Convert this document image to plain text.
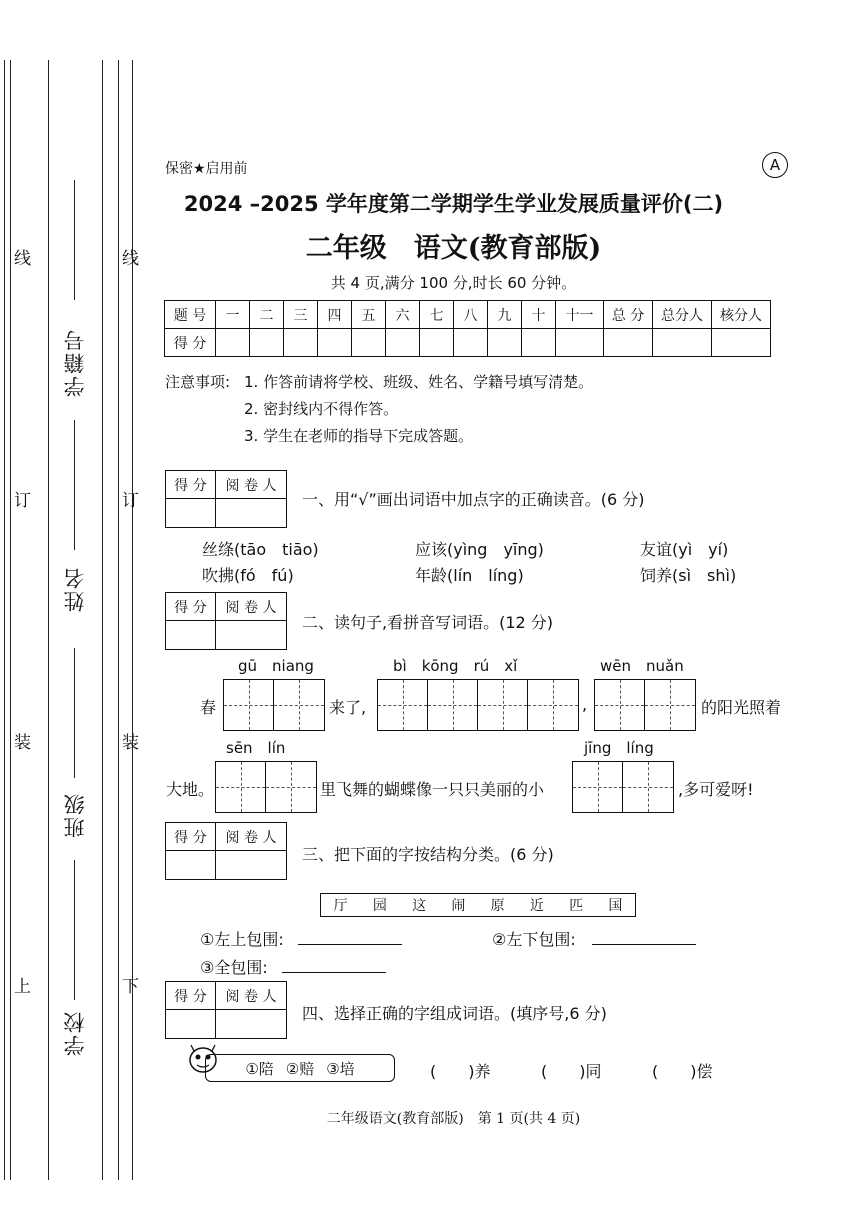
线	线
订	订
装	装
上	下
学籍号
姓名
班级
学校
保密★启用前	A
2024 –2025 学年度第二学期学生学业发展质量评价(二)
二年级　语文(教育部版)
共 4 页,满分 100 分,时长 60 分钟。
题 号	一	二	三	四	五	六	七	八	九	十	十一	总 分	总分人	核分人
得 分														
注意事项: 1. 作答前请将学校、班级、姓名、学籍号填写清楚。
2. 密封线内不得作答。
3. 学生在老师的指导下完成答题。
得 分	阅 卷 人
一、用“√”画出词语中加点字的正确读音。(6 分)
丝绦(tāo　tiāo)	应该(yìng　yīng)	友谊(yì　yí)
吹拂(fó　fú)	年龄(lín　líng)	饲养(sì　shì)
得 分	阅 卷 人
二、读句子,看拼音写词语。(12 分)
gū　niang	bì　kōng　rú　xǐ	wēn　nuǎn
春	来了,	,	的阳光照着
sēn　lín	jīng　líng
大地。	里飞舞的蝴蝶像一只只美丽的小	,多可爱呀!
得 分	阅 卷 人
三、把下面的字按结构分类。(6 分)
厅 园 这 闹 原 近 匹 国
①左上包围:	②左下包围:
③全包围:
得 分	阅 卷 人
四、选择正确的字组成词语。(填序号,6 分)
①陪 ②赔 ③培	(　　)养	(　　)同	(　　)偿
二年级语文(教育部版)　第 1 页(共 4 页)
